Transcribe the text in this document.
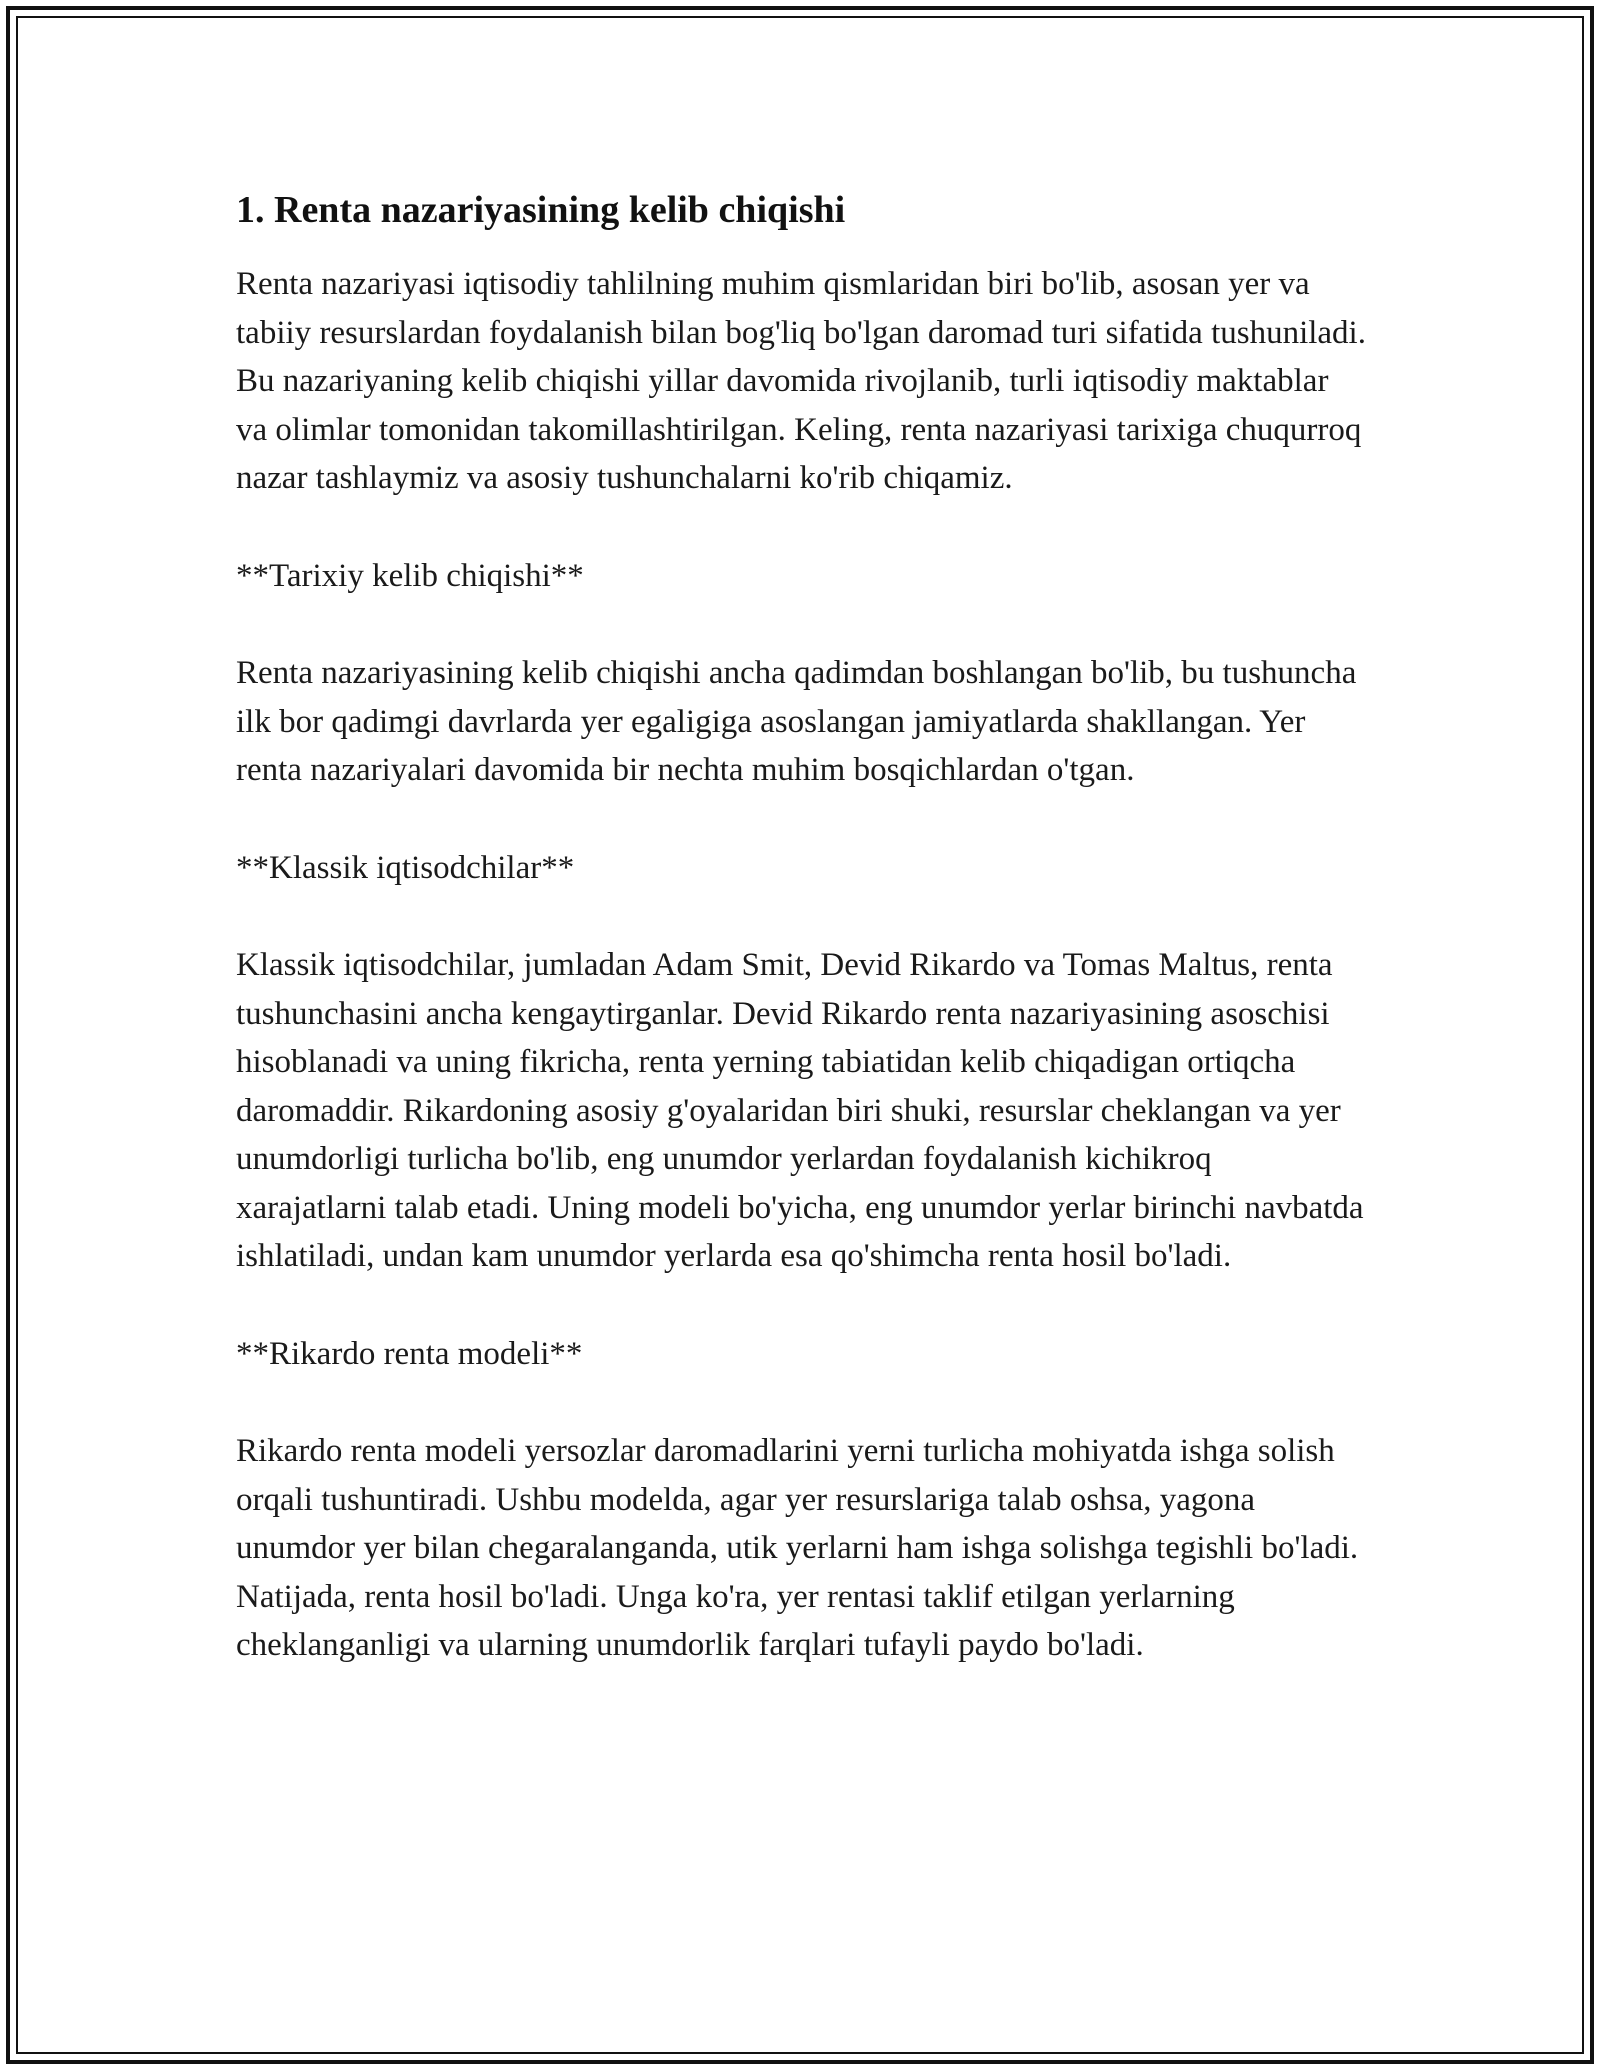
1. Renta nazariyasining kelib chiqishi

Renta nazariyasi iqtisodiy tahlilning muhim qismlaridan biri bo'lib, asosan yer va tabiiy resurslardan foydalanish bilan bog'liq bo'lgan daromad turi sifatida tushuniladi. Bu nazariyaning kelib chiqishi yillar davomida rivojlanib, turli iqtisodiy maktablar va olimlar tomonidan takomillashtirilgan. Keling, renta nazariyasi tarixiga chuqurroq nazar tashlaymiz va asosiy tushunchalarni ko'rib chiqamiz.

**Tarixiy kelib chiqishi**

Renta nazariyasining kelib chiqishi ancha qadimdan boshlangan bo'lib, bu tushuncha ilk bor qadimgi davrlarda yer egaligiga asoslangan jamiyatlarda shakllangan. Yer renta nazariyalari davomida bir nechta muhim bosqichlardan o'tgan.

**Klassik iqtisodchilar**

Klassik iqtisodchilar, jumladan Adam Smit, Devid Rikardo va Tomas Maltus, renta tushunchasini ancha kengaytirganlar. Devid Rikardo renta nazariyasining asoschisi hisoblanadi va uning fikricha, renta yerning tabiatidan kelib chiqadigan ortiqcha daromaddir. Rikardoning asosiy g'oyalaridan biri shuki, resurslar cheklangan va yer unumdorligi turlicha bo'lib, eng unumdor yerlardan foydalanish kichikroq xarajatlarni talab etadi. Uning modeli bo'yicha, eng unumdor yerlar birinchi navbatda ishlatiladi, undan kam unumdor yerlarda esa qo'shimcha renta hosil bo'ladi.

**Rikardo renta modeli**

Rikardo renta modeli yersozlar daromadlarini yerni turlicha mohiyatda ishga solish orqali tushuntiradi. Ushbu modelda, agar yer resurslariga talab oshsa, yagona unumdor yer bilan chegaralanganda, utik yerlarni ham ishga solishga tegishli bo'ladi. Natijada, renta hosil bo'ladi. Unga ko'ra, yer rentasi taklif etilgan yerlarning cheklanganligi va ularning unumdorlik farqlari tufayli paydo bo'ladi.
